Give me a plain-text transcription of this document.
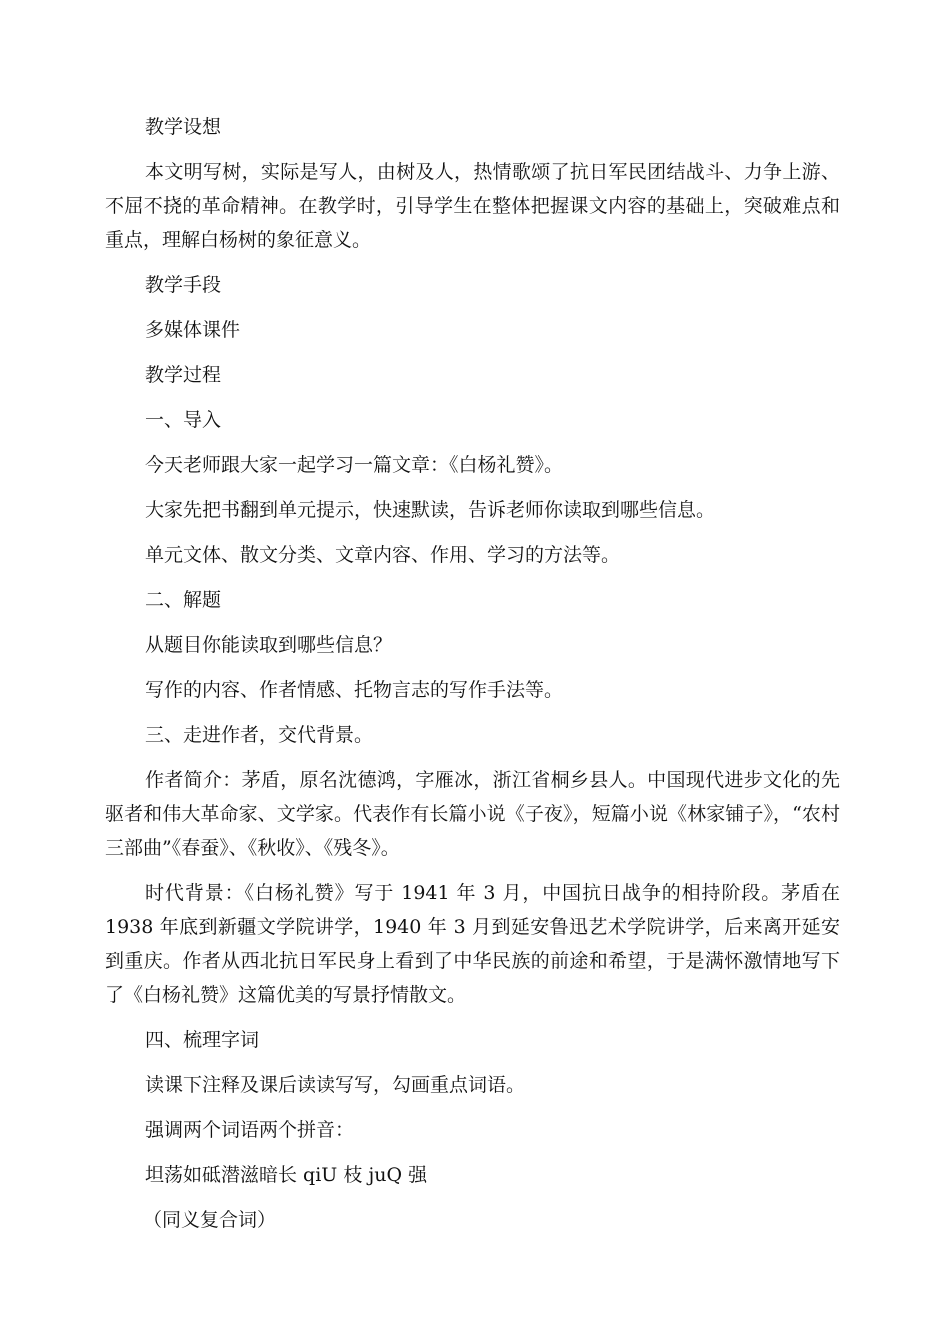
教学设想

本文明写树，实际是写人，由树及人，热情歌颂了抗日军民团结战斗、力争上游、不屈不挠的革命精神。在教学时，引导学生在整体把握课文内容的基础上，突破难点和重点，理解白杨树的象征意义。

教学手段

多媒体课件

教学过程

一、导入

今天老师跟大家一起学习一篇文章：《白杨礼赞》。

大家先把书翻到单元提示，快速默读，告诉老师你读取到哪些信息。

单元文体、散文分类、文章内容、作用、学习的方法等。

二、解题

从题目你能读取到哪些信息？

写作的内容、作者情感、托物言志的写作手法等。

三、走进作者，交代背景。

作者简介：茅盾，原名沈德鸿，字雁冰，浙江省桐乡县人。中国现代进步文化的先驱者和伟大革命家、文学家。代表作有长篇小说《子夜》，短篇小说《林家铺子》，“农村三部曲”《春蚕》、《秋收》、《残冬》。

时代背景：《白杨礼赞》写于 1941 年 3 月，中国抗日战争的相持阶段。茅盾在 1938 年底到新疆文学院讲学，1940 年 3 月到延安鲁迅艺术学院讲学，后来离开延安到重庆。作者从西北抗日军民身上看到了中华民族的前途和希望，于是满怀激情地写下了《白杨礼赞》这篇优美的写景抒情散文。

四、梳理字词

读课下注释及课后读读写写，勾画重点词语。

强调两个词语两个拼音：

坦荡如砥潜滋暗长 qiU 枝 juQ 强

（同义复合词）
